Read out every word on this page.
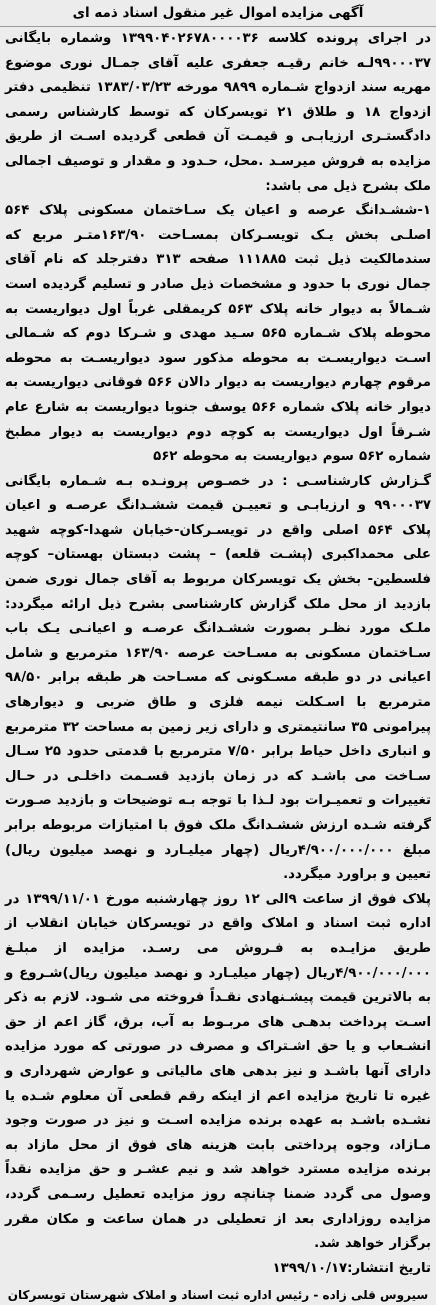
آگهی مزایده اموال غیر منقول اسناد ذمه ای

در اجرای پرونده کلاسه ۱۳۹۹۰۴۰۲۶۷۸۰۰۰۰۳۶ وشماره بایگانی ۹۹۰۰۰۳۷لـه خانم رقیـه جعفری علیه آقای جمـال نوری موضوع مهریه سند ازدواج شـماره ۹۸۹۹ مورخه ۱۳۸۳/۰۳/۲۳ تنظیمی دفتر ازدواج ۱۸ و طلاق ۲۱ تویسرکان که توسط کارشناس رسمی دادگستـری ارزیابـی و قیمـت آن قطعی گردیده اسـت از طریق مزایده به فروش میرسـد .محل، حـدود و مقدار و توصیف اجمالی ملک بشرح ذیل می باشد:

۱-ششـدانگ عرصه و اعیان یک سـاختمان مسکونی پلاک ۵۶۴ اصلـی بخش یـک تویسـرکان بمسـاحت ۱۶۳/۹۰متـر مربع که سندمالکیت ذیل ثبت ۱۱۱۸۸۵ صفحه ۳۱۳ دفترجلد که نام آقای جمال نوری با حدود و مشخصات ذیل صادر و تسلیم گردیده است شـمالاً به دیوار خانه پلاک ۵۶۳ کریمقلی غرباً اول دیواریست به محوطه پلاک شـماره ۵۶۵ سـید مهدی و شـرکا دوم که شـمالی اسـت دیواریسـت به محوطه مذکور سود دیواریسـت به محوطه مرقوم چهارم دیواریست به دیوار دالان ۵۶۶ فوقانی دیواریست به دیوار خانه پلاک شماره ۵۶۶ یوسف جنوبا دیواریست به شارع عام شـرقاً اول دیواریست به کوچه دوم دیواریست به دیوار مطبخ شماره ۵۶۲ سوم دیواریست به محوطه ۵۶۲

گـزارش کارشناسـی : در خصـوص پرونـده بـه شـماره بایگانی ۹۹۰۰۰۳۷ و ارزیابـی و تعییـن قیمت ششـدانگ عرصـه و اعیان پلاک ۵۶۴ اصلی واقع در تویسـرکان-خیابان شهدا-کوچه شهید علی محمداکبری (پشـت قلعه) – پشت دبستان بهستان– کوچه فلسطین- بخش یک تویسرکان مربوط به آقای جمال نوری ضمن بازدید از محل ملک گزارش کارشناسی بشرح ذیل ارائه میگردد: ملـک مورد نظـر بصورت ششـدانگ عرصـه و اعیانـی یـک باب سـاختمان مسکونی به مسـاحت عرصه ۱۶۳/۹۰ مترمربع و شامل اعیانی در دو طبقه مسـکونی که مسـاحت هر طبقه برابر ۹۸/۵۰ مترمربع با اسـکلت نیمه فلزی و طاق ضربی و دیوارهای پیرامونی ۳۵ سانتیمتری و دارای زیر زمین به مساحت ۳۲ مترمربع و انباری داخل حیاط برابر ۷/۵۰ مترمربع با قدمتی حدود ۲۵ سـال سـاخت می باشـد که در زمان بازدید قسـمت داخلـی در حـال تغییرات و تعمیـرات بود لـذا با توجه بـه توضیحات و بازدید صـورت گرفته شـده ارزش ششـدانگ ملک فوق با امتیازات مربوطه برابر مبلغ ۴/۹۰۰/۰۰۰/۰۰۰ریال (چهار میلیـارد و نهصد میلیون ریال) تعیین و براورد میگردد.

پلاک فوق از ساعت ۹الی ۱۲ روز چهارشنبه مورخ ۱۳۹۹/۱۱/۰۱ در اداره ثبت اسناد و املاک واقع در تویسرکان خیابان انقلاب از طریق مزایـده به فـروش می رسـد. مزایده از مبلـغ ۴/۹۰۰/۰۰۰/۰۰۰ریال (چهار میلیـارد و نهصد میلیون ریال)شـروع و به بالاترین قیمت پیشـنهادی نقـداً فروخته می شـود. لازم به ذکر اسـت پرداخت بدهـی های مربـوط به آب، برق، گاز اعم از حق انشـعاب و یا حق اشـتراک و مصرف در صورتی که مورد مزایده دارای آنها باشـد و نیز بدهی های مالیاتی و عوارض شهرداری و غیره تا تاریخ مزایده اعم از اینکه رقم قطعی آن معلوم شـده یا نشـده باشـد به عهده برنده مزایده اسـت و نیز در صورت وجود مـازاد، وجوه پرداختی بابت هزینه های فوق از محل مازاد به برنده مزایده مسترد خواهد شد و نیم عشـر و حق مزایده نقداً وصول می گردد ضمنا چنانچه روز مزایده تعطیل رسـمی گردد، مزایده روزاداری بعد از تعطیلی در همان ساعت و مکان مقرر برگزار خواهد شد.

تاریخ انتشار:۱۳۹۹/۱۰/۱۷

سیروس قلی زاده - رئیس اداره ثبت اسناد و املاک شهرستان تویسرکان
